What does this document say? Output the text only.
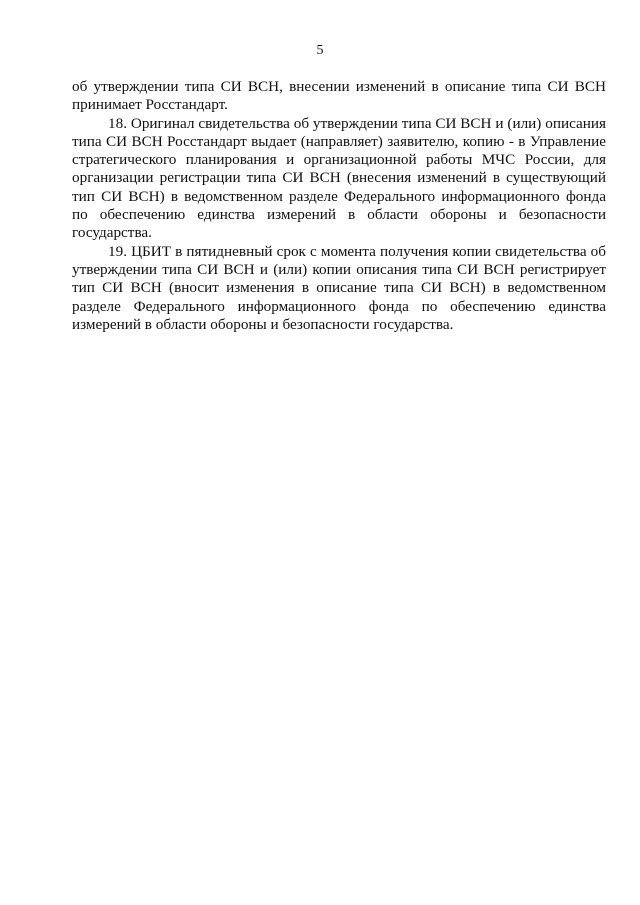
5

об утверждении типа СИ ВСН, внесении изменений в описание типа СИ ВСН принимает Росстандарт.

18. Оригинал свидетельства об утверждении типа СИ ВСН и (или) описания типа СИ ВСН Росстандарт выдает (направляет) заявителю, копию - в Управление стратегического планирования и организационной работы МЧС России, для организации регистрации типа СИ ВСН (внесения изменений в существующий тип СИ ВСН) в ведомственном разделе Федерального информационного фонда по обеспечению единства измерений в области обороны и безопасности государства.

19. ЦБИТ в пятидневный срок с момента получения копии свидетельства об утверждении типа СИ ВСН и (или) копии описания типа СИ ВСН регистрирует тип СИ ВСН (вносит изменения в описание типа СИ ВСН) в ведомственном разделе Федерального информационного фонда по обеспечению единства измерений в области обороны и безопасности государства.
